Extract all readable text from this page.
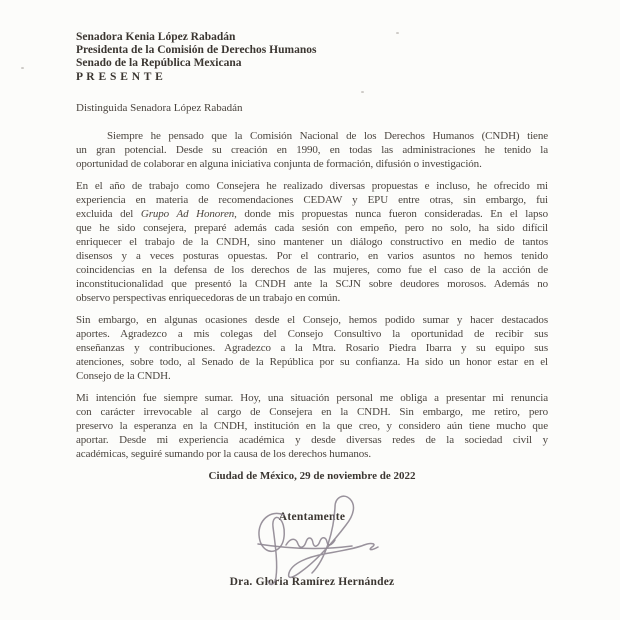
Senadora Kenia López Rabadán
Presidenta de la Comisión de Derechos Humanos
Senado de la República Mexicana
P R E S E N T E
Distinguida Senadora López Rabadán
Siempre he pensado que la Comisión Nacional de los Derechos Humanos (CNDH) tiene
un gran potencial. Desde su creación en 1990, en todas las administraciones he tenido la
oportunidad de colaborar en alguna iniciativa conjunta de formación, difusión o investigación.
En el año de trabajo como Consejera he realizado diversas propuestas e incluso, he ofrecido mi
experiencia en materia de recomendaciones CEDAW y EPU entre otras, sin embargo, fui
excluida del Grupo Ad Honoren, donde mis propuestas nunca fueron consideradas. En el lapso
que he sido consejera, preparé además cada sesión con empeño, pero no solo, ha sido difícil
enriquecer el trabajo de la CNDH, sino mantener un diálogo constructivo en medio de tantos
disensos y a veces posturas opuestas. Por el contrario, en varios asuntos no hemos tenido
coincidencias en la defensa de los derechos de las mujeres, como fue el caso de la acción de
inconstitucionalidad que presentó la CNDH ante la SCJN sobre deudores morosos. Además no
observo perspectivas enriquecedoras de un trabajo en común.
Sin embargo, en algunas ocasiones desde el Consejo, hemos podido sumar y hacer destacados
aportes. Agradezco a mis colegas del Consejo Consultivo la oportunidad de recibir sus
enseñanzas y contribuciones. Agradezco a la Mtra. Rosario Piedra Ibarra y su equipo sus
atenciones, sobre todo, al Senado de la República por su confianza. Ha sido un honor estar en el
Consejo de la CNDH.
Mi intención fue siempre sumar. Hoy, una situación personal me obliga a presentar mi renuncia
con carácter irrevocable al cargo de Consejera en la CNDH. Sin embargo, me retiro, pero
preservo la esperanza en la CNDH, institución en la que creo, y considero aún tiene mucho que
aportar. Desde mi experiencia académica y desde diversas redes de la sociedad civil y
académicas, seguiré sumando por la causa de los derechos humanos.
Ciudad de México, 29 de noviembre de 2022
Atentamente
Dra. Gloria Ramírez Hernández
